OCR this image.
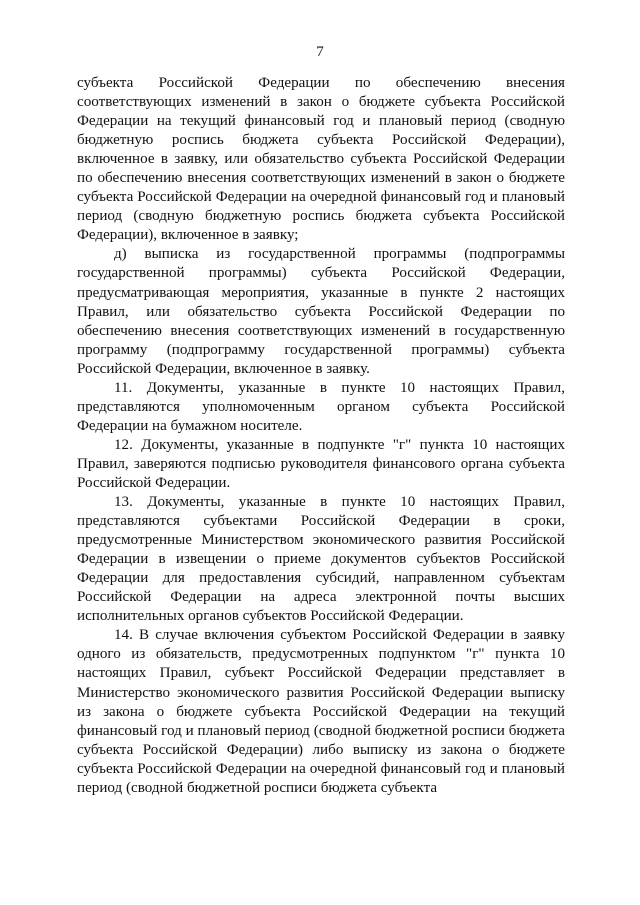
7

субъекта Российской Федерации по обеспечению внесения соответствующих изменений в закон о бюджете субъекта Российской Федерации на текущий финансовый год и плановый период (сводную бюджетную роспись бюджета субъекта Российской Федерации), включенное в заявку, или обязательство субъекта Российской Федерации по обеспечению внесения соответствующих изменений в закон о бюджете субъекта Российской Федерации на очередной финансовый год и плановый период (сводную бюджетную роспись бюджета субъекта Российской Федерации), включенное в заявку;

д) выписка из государственной программы (подпрограммы государственной программы) субъекта Российской Федерации, предусматривающая мероприятия, указанные в пункте 2 настоящих Правил, или обязательство субъекта Российской Федерации по обеспечению внесения соответствующих изменений в государственную программу (подпрограмму государственной программы) субъекта Российской Федерации, включенное в заявку.

11. Документы, указанные в пункте 10 настоящих Правил, представляются уполномоченным органом субъекта Российской Федерации на бумажном носителе.

12. Документы, указанные в подпункте "г" пункта 10 настоящих Правил, заверяются подписью руководителя финансового органа субъекта Российской Федерации.

13. Документы, указанные в пункте 10 настоящих Правил, представляются субъектами Российской Федерации в сроки, предусмотренные Министерством экономического развития Российской Федерации в извещении о приеме документов субъектов Российской Федерации для предоставления субсидий, направленном субъектам Российской Федерации на адреса электронной почты высших исполнительных органов субъектов Российской Федерации.

14. В случае включения субъектом Российской Федерации в заявку одного из обязательств, предусмотренных подпунктом "г" пункта 10 настоящих Правил, субъект Российской Федерации представляет в Министерство экономического развития Российской Федерации выписку из закона о бюджете субъекта Российской Федерации на текущий финансовый год и плановый период (сводной бюджетной росписи бюджета субъекта Российской Федерации) либо выписку из закона о бюджете субъекта Российской Федерации на очередной финансовый год и плановый период (сводной бюджетной росписи бюджета субъекта
